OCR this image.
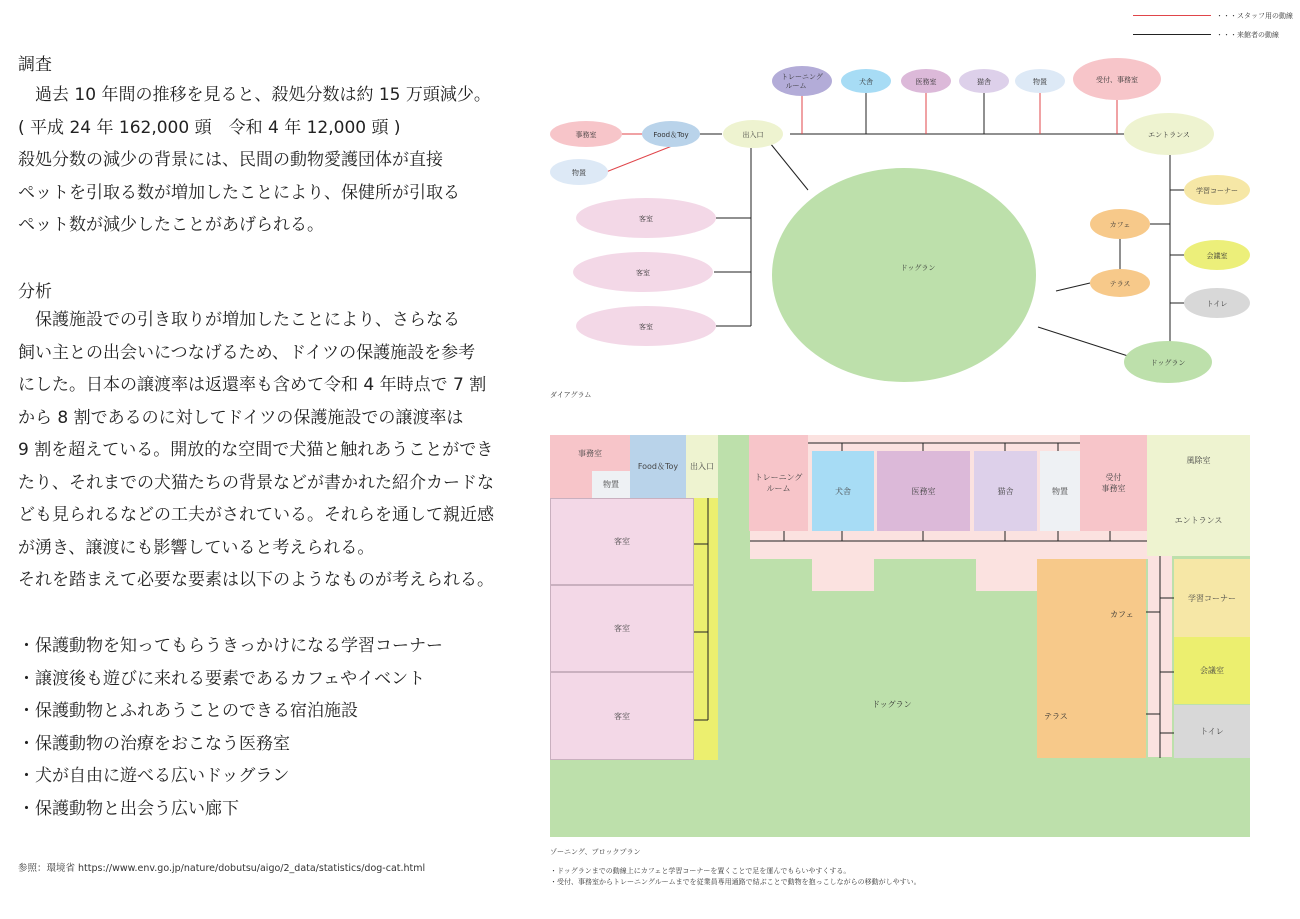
・・・スタッフ用の動線
・・・来館者の動線
調査
　過去 10 年間の推移を見ると、殺処分数は約 15 万頭減少。
( 平成 24 年 162,000 頭　令和 4 年 12,000 頭 )
殺処分数の減少の背景には、民間の動物愛護団体が直接
ペットを引取る数が増加したことにより、保健所が引取る
ペット数が減少したことがあげられる。
分析
　保護施設での引き取りが増加したことにより、さらなる
飼い主との出会いにつなげるため、ドイツの保護施設を参考
にした。日本の譲渡率は返還率も含めて令和 4 年時点で 7 割
から 8 割であるのに対してドイツの保護施設での譲渡率は
9 割を超えている。開放的な空間で犬猫と触れあうことができ
たり、それまでの犬猫たちの背景などが書かれた紹介カードな
ども見られるなどの工夫がされている。それらを通して親近感
が湧き、譲渡にも影響していると考えられる。
それを踏まえて必要な要素は以下のようなものが考えられる。
・保護動物を知ってもらうきっかけになる学習コーナー
・譲渡後も遊びに来れる要素であるカフェやイベント
・保護動物とふれあうことのできる宿泊施設
・保護動物の治療をおこなう医務室
・犬が自由に遊べる広いドッグラン
・保護動物と出会う広い廊下
参照：環境省 https://www.env.go.jp/nature/dobutsu/aigo/2_data/statistics/dog-cat.html
事務室	Food＆Toy
物置
出入口
トレーニング
ルーム	犬舎	医務室	猫舎	物置	受付、事務室
エントランス
客室
客室
客室
ドッグラン
学習コーナー
カフェ
会議室
テラス
トイレ
ドッグラン
ダイアグラム
事務室
物置
Food＆Toy	出入口
客室
客室
客室
トレーニング
ルーム	犬舎	医務室	猫舎	物置
受付
事務室
風除室
エントランス
カフェ
テラス
ドッグラン
学習コーナー
会議室
トイレ
ゾーニング、ブロックプラン
・ドッグランまでの動線上にカフェと学習コーナーを置くことで足を運んでもらいやすくする。
・受付、事務室からトレーニングルームまでを従業員専用通路で結ぶことで動物を抱っこしながらの移動がしやすい。
